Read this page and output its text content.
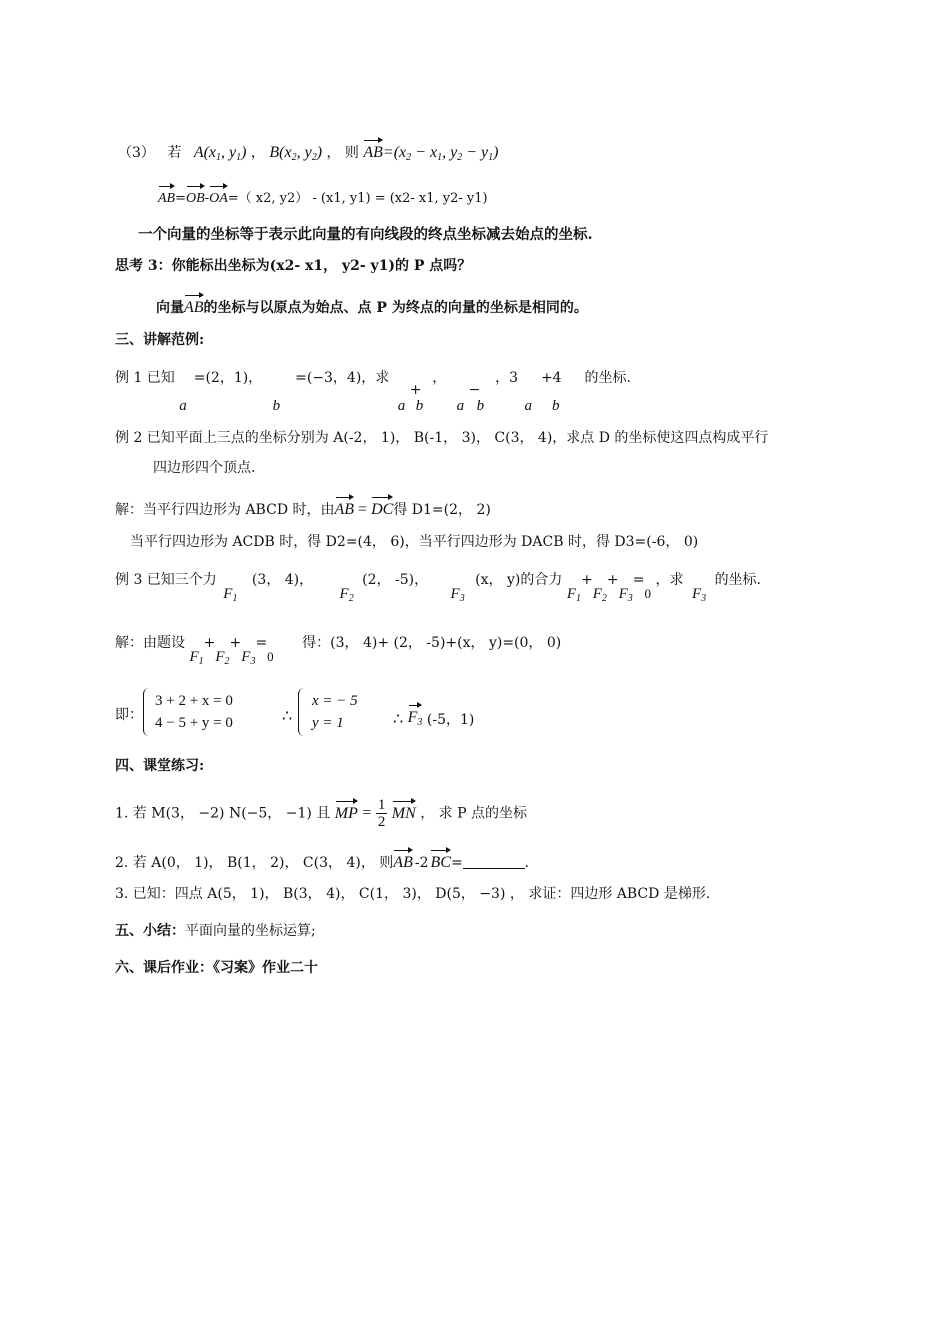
（3） 若 $A(x_1$, $y_1$) ， $B(x_2$, $y_2$) ， 则 $AB=(x_2 - x_1$, $y_2 - y_1$)
AB=OB-OA=（ x2, y2） - (x1, y1) = (x2- x1, y2- y1)
一个向量的坐标等于表示此向量的有向线段的终点坐标减去始点的坐标.
思考 3：你能标出坐标为(x2- x1， y2- y1)的 P 点吗？
向量AB的坐标与以原点为始点、点 P 为终点的向量的坐标是相同的。
三、讲解范例:
例 1 已知
a
=(2，1)，
b
=(−3，4)，求
a
+
b
，
a
−
b
，3
a
+4
b
的坐标.
例 2 已知平面上三点的坐标分别为 A(-2， 1)， B(-1， 3)， C(3， 4)，求点 D 的坐标使这四点构成平行
四边形四个顶点.
解：当平行四边形为 ABCD 时，由AB = DC得 D1=(2， 2)
当平行四边形为 ACDB 时，得 D2=(4， 6)，当平行四边形为 DACB 时，得 D3=(-6， 0)
例 3 已知三个力 $F_1$ (3， 4)， $F_2$ (2， -5)， $F_3$ (x， y)的合力 $F_1+F_2+F_3=0$ ，求 $F_3$ 的坐标.
解：由题设 $F_1+F_2+F_3=0$ 得：(3， 4)+ (2， -5)+(x， y)=(0， 0)
即：
3 + 2 + x = 0
4 − 5 + y = 0	∴
x = − 5
y = 1	∴ $F_3$ (-5，1)
四、课堂练习:
1. 若 M(3， −2) N(−5， −1) 且 MP = $\frac{1}{2}$ MN ， 求 P 点的坐标
2. 若 A(0， 1)， B(1， 2)， C(3， 4)， 则AB -2 BC=	.
3. 已知：四点 A(5， 1)， B(3， 4)， C(1， 3)， D(5， −3) ， 求证：四边形 ABCD 是梯形.
五、小结：平面向量的坐标运算;
六、课后作业：《习案》作业二十
